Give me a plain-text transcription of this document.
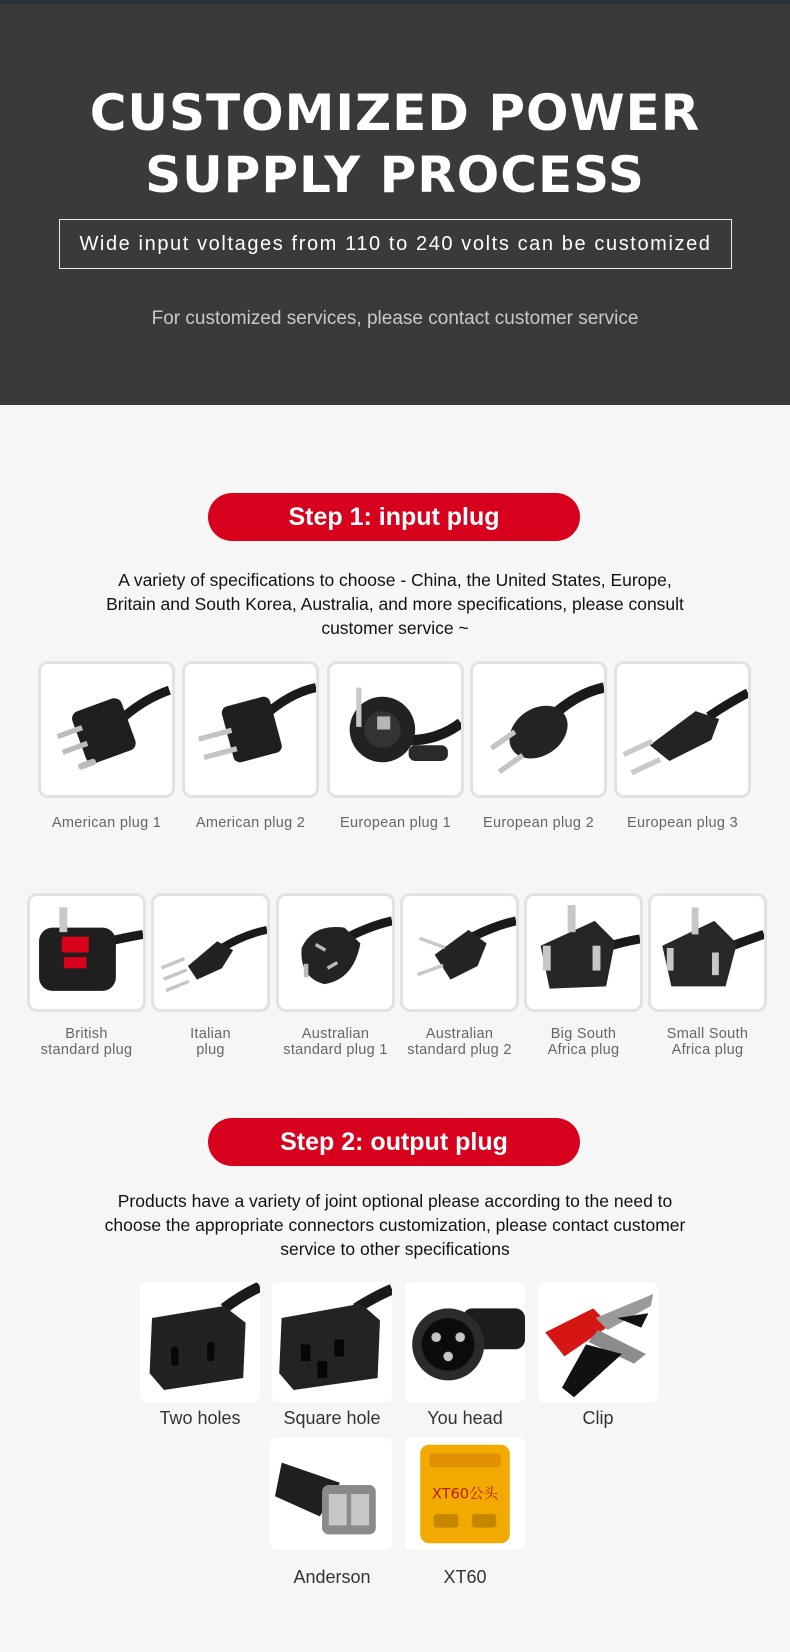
CUSTOMIZED POWER
SUPPLY PROCESS
Wide input voltages from 110 to 240 volts can be customized
For customized services, please contact customer service
Step 1: input plug
A variety of specifications to choose - China, the United States, Europe,
Britain and South Korea, Australia, and more specifications, please consult
customer service ~
American plug 1	American plug 2	European plug 1	European plug 2	European plug 3
British
standard plug
Italian
plug
Australian
standard plug 1
Australian
standard plug 2
Big South
Africa plug
Small South
Africa plug
Step 2: output plug
Products have a variety of joint optional please according to the need to
choose the appropriate connectors customization, please contact customer
service to other specifications
XT60公头
Two holes	Square hole	You head	Clip
Anderson	XT60
